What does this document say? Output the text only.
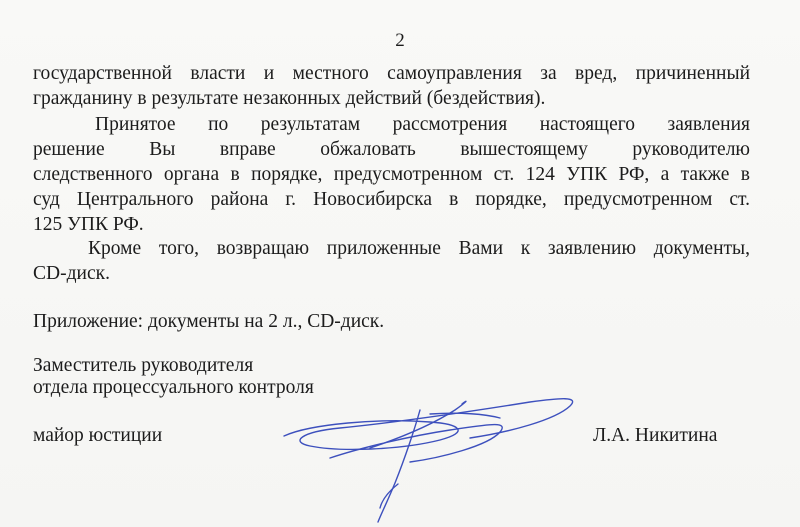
2
государственной власти и местного самоуправления за вред, причиненный
гражданину в результате незаконных действий (бездействия).
Принятое по результатам рассмотрения настоящего заявления
решение Вы вправе обжаловать вышестоящему руководителю
следственного органа в порядке, предусмотренном ст. 124 УПК РФ, а также в
суд Центрального района г. Новосибирска в порядке, предусмотренном ст.
125 УПК РФ.
Кроме того, возвращаю приложенные Вами к заявлению документы,
CD-диск.
Приложение: документы на 2 л., CD-диск.
Заместитель руководителя
отдела процессуального контроля
майор юстиции	Л.А. Никитина
